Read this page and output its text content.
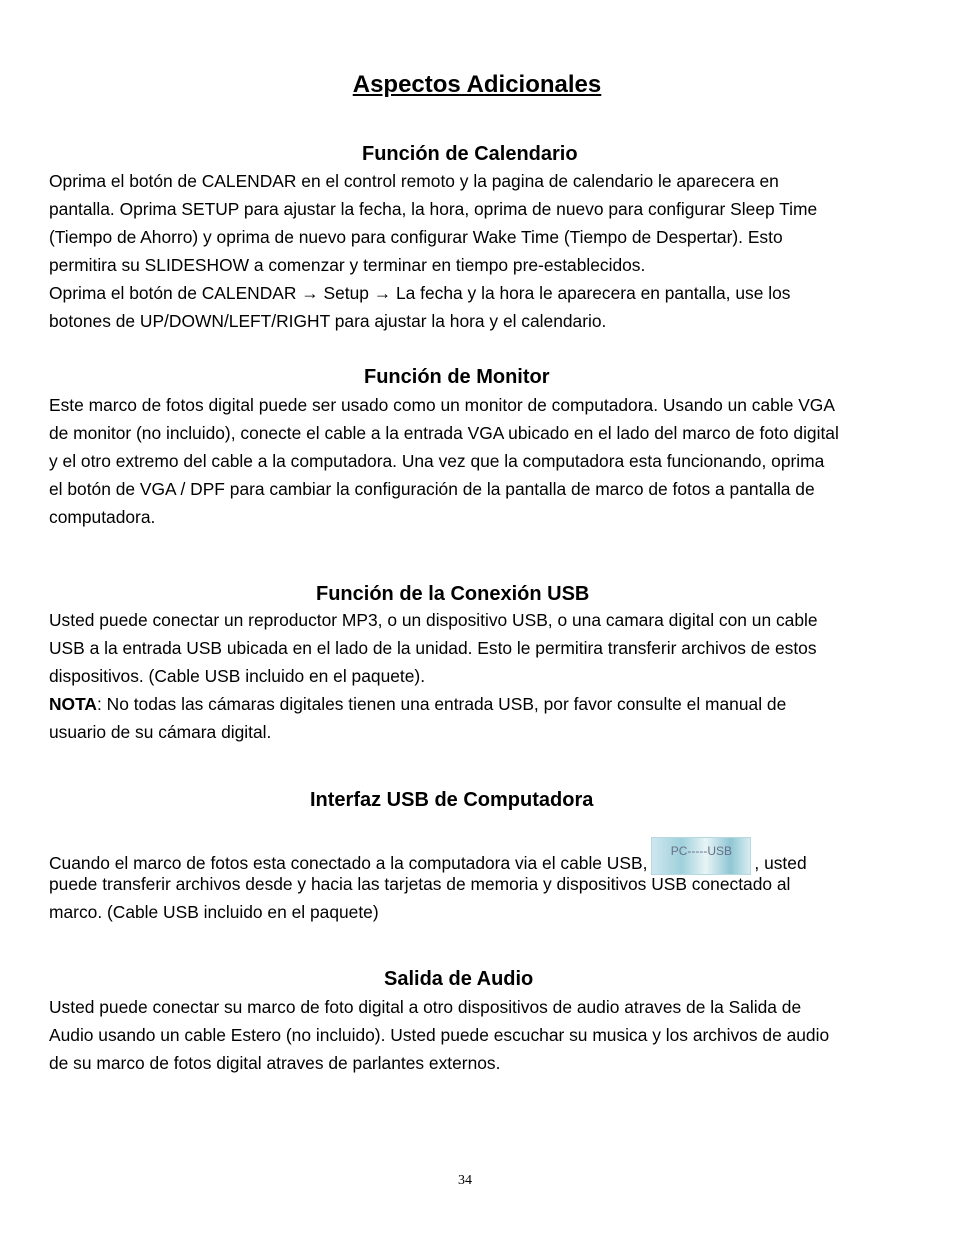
Aspectos Adicionales
Función de Calendario
Oprima el botón de CALENDAR en el control remoto y la pagina de calendario le aparecera en
pantalla. Oprima SETUP para ajustar la fecha, la hora, oprima de nuevo para configurar Sleep Time
(Tiempo de Ahorro) y oprima de nuevo para configurar Wake Time (Tiempo de Despertar). Esto
permitira su SLIDESHOW a comenzar y terminar en tiempo pre-establecidos.
Oprima el botón de CALENDAR → Setup → La fecha y la hora le aparecera en pantalla, use los
botones de UP/DOWN/LEFT/RIGHT para ajustar la hora y el calendario.
Función de Monitor
Este marco de fotos digital puede ser usado como un monitor de computadora. Usando un cable VGA
de monitor (no incluido), conecte el cable a la entrada VGA ubicado en el lado del marco de foto digital
y el otro extremo del cable a la computadora. Una vez que la computadora esta funcionando, oprima
el botón de VGA / DPF para cambiar la configuración de la pantalla de marco de fotos a pantalla de
computadora.
Función de la Conexión USB
Usted puede conectar un reproductor MP3, o un dispositivo USB, o una camara digital con un cable
USB a la entrada USB ubicada en el lado de la unidad. Esto le permitira transferir archivos de estos
dispositivos. (Cable USB incluido en el paquete).
NOTA: No todas las cámaras digitales tienen una entrada USB, por favor consulte el manual de
usuario de su cámara digital.
Interfaz USB de Computadora
Cuando el marco de fotos esta conectado a la computadora via el cable USB,
PC-----USB
, usted
puede transferir archivos desde y hacia las tarjetas de memoria y dispositivos USB conectado al
marco. (Cable USB incluido en el paquete)
Salida de Audio
Usted puede conectar su marco de foto digital a otro dispositivos de audio atraves de la Salida de
Audio usando un cable Estero (no incluido). Usted puede escuchar su musica y los archivos de audio
de su marco de fotos digital atraves de parlantes externos.
34
